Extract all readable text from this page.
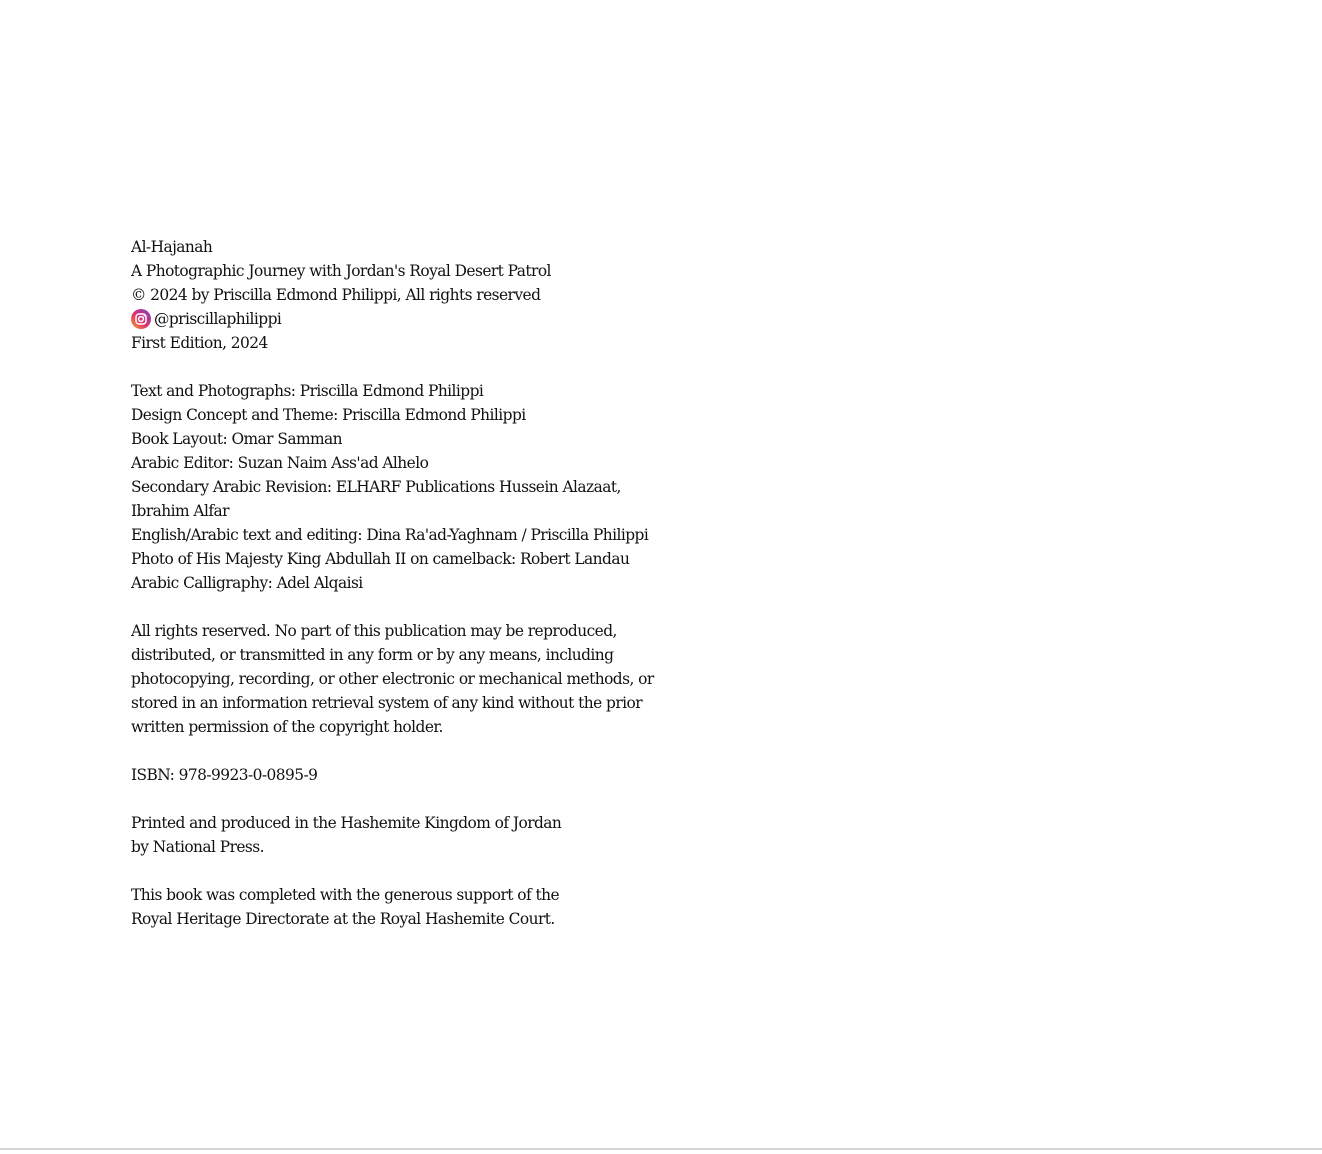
Al-Hajanah
A Photographic Journey with Jordan's Royal Desert Patrol
© 2024 by Priscilla Edmond Philippi, All rights reserved
@priscillaphilippi
First Edition, 2024
Text and Photographs: Priscilla Edmond Philippi
Design Concept and Theme: Priscilla Edmond Philippi
Book Layout: Omar Samman
Arabic Editor: Suzan Naim Ass'ad Alhelo
Secondary Arabic Revision: ELHARF Publications Hussein Alazaat,
Ibrahim Alfar
English/Arabic text and editing: Dina Ra'ad-Yaghnam / Priscilla Philippi
Photo of His Majesty King Abdullah II on camelback: Robert Landau
Arabic Calligraphy: Adel Alqaisi
All rights reserved. No part of this publication may be reproduced,
distributed, or transmitted in any form or by any means, including
photocopying, recording, or other electronic or mechanical methods, or
stored in an information retrieval system of any kind without the prior
written permission of the copyright holder.
ISBN: 978-9923-0-0895-9
Printed and produced in the Hashemite Kingdom of Jordan
by National Press.
This book was completed with the generous support of the
Royal Heritage Directorate at the Royal Hashemite Court.
